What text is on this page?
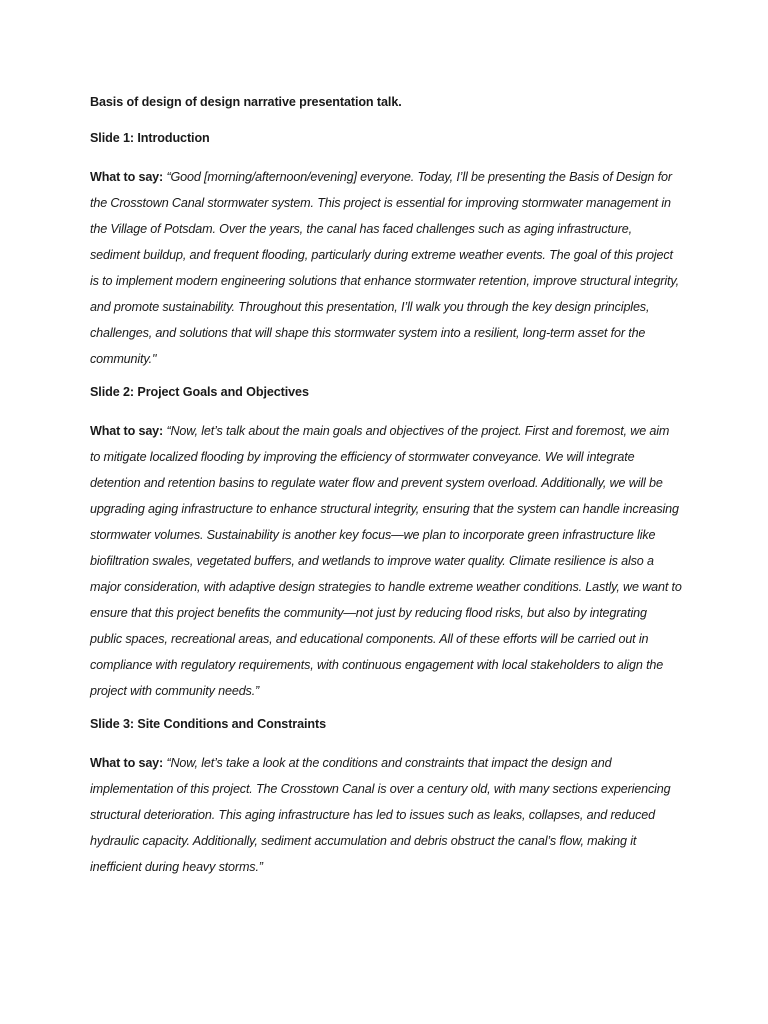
Basis of design of design narrative presentation talk.

Slide 1: Introduction

What to say: “Good [morning/afternoon/evening] everyone. Today, I’ll be presenting the Basis of Design for the Crosstown Canal stormwater system. This project is essential for improving stormwater management in the Village of Potsdam. Over the years, the canal has faced challenges such as aging infrastructure, sediment buildup, and frequent flooding, particularly during extreme weather events. The goal of this project is to implement modern engineering solutions that enhance stormwater retention, improve structural integrity, and promote sustainability. Throughout this presentation, I’ll walk you through the key design principles, challenges, and solutions that will shape this stormwater system into a resilient, long-term asset for the community."

Slide 2: Project Goals and Objectives

What to say: “Now, let’s talk about the main goals and objectives of the project. First and foremost, we aim to mitigate localized flooding by improving the efficiency of stormwater conveyance. We will integrate detention and retention basins to regulate water flow and prevent system overload. Additionally, we will be upgrading aging infrastructure to enhance structural integrity, ensuring that the system can handle increasing stormwater volumes. Sustainability is another key focus—we plan to incorporate green infrastructure like biofiltration swales, vegetated buffers, and wetlands to improve water quality. Climate resilience is also a major consideration, with adaptive design strategies to handle extreme weather conditions. Lastly, we want to ensure that this project benefits the community—not just by reducing flood risks, but also by integrating public spaces, recreational areas, and educational components. All of these efforts will be carried out in compliance with regulatory requirements, with continuous engagement with local stakeholders to align the project with community needs.”

Slide 3: Site Conditions and Constraints

What to say: “Now, let’s take a look at the conditions and constraints that impact the design and implementation of this project. The Crosstown Canal is over a century old, with many sections experiencing structural deterioration. This aging infrastructure has led to issues such as leaks, collapses, and reduced hydraulic capacity. Additionally, sediment accumulation and debris obstruct the canal’s flow, making it inefficient during heavy storms.”
